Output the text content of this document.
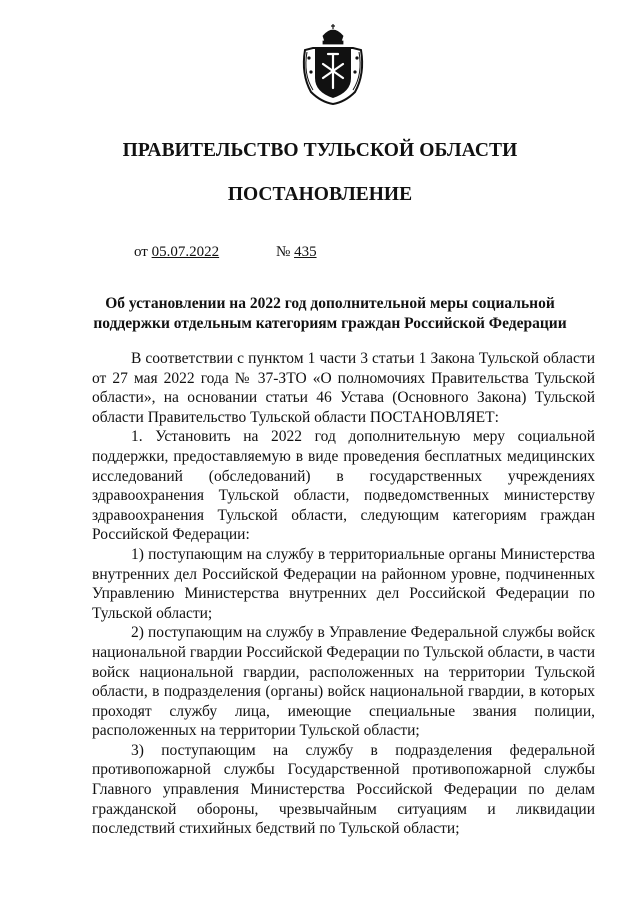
ПРАВИТЕЛЬСТВО ТУЛЬСКОЙ ОБЛАСТИ
ПОСТАНОВЛЕНИЕ
от 05.07.2022	№ 435
Об установлении на 2022 год дополнительной меры социальной
поддержки отдельным категориям граждан Российской Федерации

В соответствии с пунктом 1 части 3 статьи 1 Закона Тульской области от 27 мая 2022 года № 37-ЗТО «О полномочиях Правительства Тульской области», на основании статьи 46 Устава (Основного Закона) Тульской области Правительство Тульской области ПОСТАНОВЛЯЕТ:

1. Установить на 2022 год дополнительную меру социальной поддержки, предоставляемую в виде проведения бесплатных медицинских исследований (обследований) в государственных учреждениях здравоохранения Тульской области, подведомственных министерству здравоохранения Тульской области, следующим категориям граждан Российской Федерации:

1) поступающим на службу в территориальные органы Министерства внутренних дел Российской Федерации на районном уровне, подчиненных Управлению Министерства внутренних дел Российской Федерации по Тульской области;

2) поступающим на службу в Управление Федеральной службы войск национальной гвардии Российской Федерации по Тульской области, в части войск национальной гвардии, расположенных на территории Тульской области, в подразделения (органы) войск национальной гвардии, в которых проходят службу лица, имеющие специальные звания полиции, расположенных на территории Тульской области;

3) поступающим на службу в подразделения федеральной противопожарной службы Государственной противопожарной службы Главного управления Министерства Российской Федерации по делам гражданской обороны, чрезвычайным ситуациям и ликвидации последствий стихийных бедствий по Тульской области;
